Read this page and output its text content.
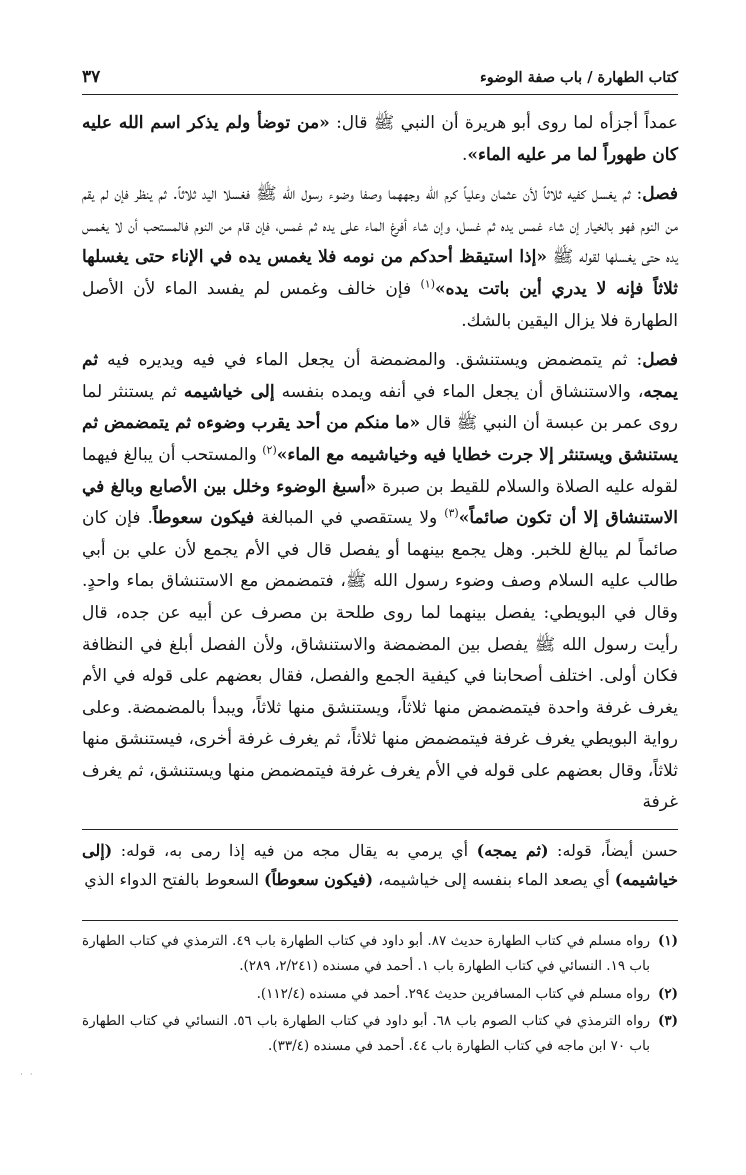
كتاب الطهارة / باب صفة الوضوء
٣٧

عمداً أجزأه لما روى أبو هريرة أن النبي ﷺ قال: «من توضأ ولم يذكر اسم الله عليه كان طهوراً لما مر عليه الماء».

فصل: ثم يغسل كفيه ثلاثاً لأن عثمان وعلياً كرم الله وجههما وصفا وضوء رسول الله ﷺ فغسلا اليد ثلاثاً. ثم ينظر فإن لم يقم من النوم فهو بالخيار إن شاء غمس يده ثم غسل، وإن شاء أفرغ الماء على يده ثم غمس، فإن قام من النوم فالمستحب أن لا يغمس يده حتى يغسلها لقوله ﷺ «إذا استيقظ أحدكم من نومه فلا يغمس يده في الإناء حتى يغسلها ثلاثاً فإنه لا يدري أين باتت يده»$^{(١)}$ فإن خالف وغمس لم يفسد الماء لأن الأصل الطهارة فلا يزال اليقين بالشك.

فصل: ثم يتمضمض ويستنشق. والمضمضة أن يجعل الماء في فيه ويديره فيه ثم يمجه، والاستنشاق أن يجعل الماء في أنفه ويمده بنفسه إلى خياشيمه ثم يستنثر لما روى عمر بن عبسة أن النبي ﷺ قال «ما منكم من أحد يقرب وضوءه ثم يتمضمض ثم يستنشق ويستنثر إلا جرت خطايا فيه وخياشيمه مع الماء»$^{(٢)}$ والمستحب أن يبالغ فيهما لقوله عليه الصلاة والسلام للقيط بن صبرة «أسبغ الوضوء وخلل بين الأصابع وبالغ في الاستنشاق إلا أن تكون صائماً»$^{(٣)}$ ولا يستقصي في المبالغة فيكون سعوطاً. فإن كان صائماً لم يبالغ للخبر. وهل يجمع بينهما أو يفصل قال في الأم يجمع لأن علي بن أبي طالب عليه السلام وصف وضوء رسول الله ﷺ، فتمضمض مع الاستنشاق بماء واحدٍ. وقال في البويطي: يفصل بينهما لما روى طلحة بن مصرف عن أبيه عن جده، قال رأيت رسول الله ﷺ يفصل بين المضمضة والاستنشاق، ولأن الفصل أبلغ في النظافة فكان أولى. اختلف أصحابنا في كيفية الجمع والفصل، فقال بعضهم على قوله في الأم يغرف غرفة واحدة فيتمضمض منها ثلاثاً، ويستنشق منها ثلاثاً، ويبدأ بالمضمضة. وعلى رواية البويطي يغرف غرفة فيتمضمض منها ثلاثاً، ثم يغرف غرفة أخرى، فيستنشق منها ثلاثاً، وقال بعضهم على قوله في الأم يغرف غرفة فيتمضمض منها ويستنشق، ثم يغرف غرفة

حسن أيضاً، قوله: (ثم يمجه) أي يرمي به يقال مجه من فيه إذا رمى به، قوله: (إلى خياشيمه) أي يصعد الماء بنفسه إلى خياشيمه، (فيكون سعوطاً) السعوط بالفتح الدواء الذي

(١)
رواه مسلم في كتاب الطهارة حديث ٨٧. أبو داود في كتاب الطهارة باب ٤٩. الترمذي في كتاب الطهارة باب ١٩. النسائي في كتاب الطهارة باب ١. أحمد في مسنده (٢/٢٤١، ٢٨٩).
(٢)
رواه مسلم في كتاب المسافرين حديث ٢٩٤. أحمد في مسنده (١١٢/٤).
(٣)
رواه الترمذي في كتاب الصوم باب ٦٨. أبو داود في كتاب الطهارة باب ٥٦. النسائي في كتاب الطهارة باب ٧٠ ابن ماجه في كتاب الطهارة باب ٤٤. أحمد في مسنده (٣٣/٤).
· ·
